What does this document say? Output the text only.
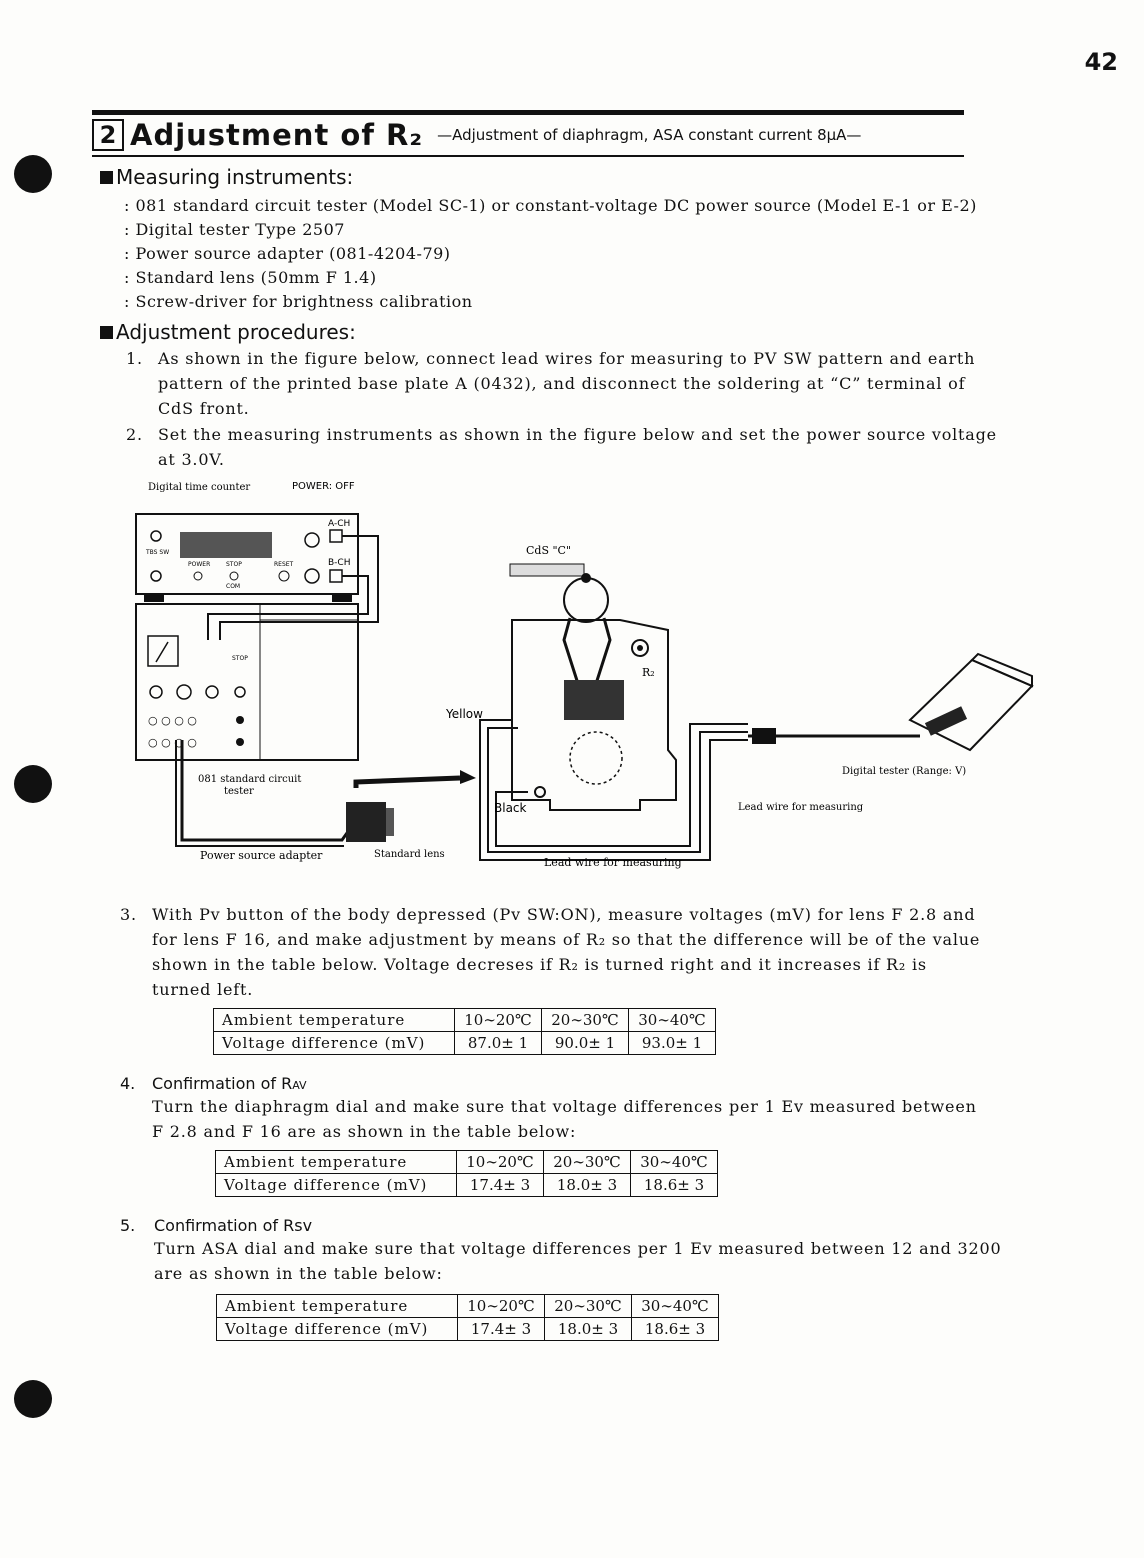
42
2 Adjustment of R₂ —Adjustment of diaphragm, ASA constant current 8μA—
Measuring instruments:
: 081 standard circuit tester (Model SC-1) or constant-voltage DC power source (Model E-1 or E-2)
: Digital tester Type 2507
: Power source adapter (081-4204-79)
: Standard lens (50mm F 1.4)
: Screw-driver for brightness calibration
Adjustment procedures:
1. As shown in the figure below, connect lead wires for measuring to PV SW pattern and earth
pattern of the printed base plate A (0432), and disconnect the soldering at “C” terminal of
CdS front.
2. Set the measuring instruments as shown in the figure below and set the power source voltage
at 3.0V.
A-CH
B-CH
TBS SW
POWER	STOP	RESET
COM
○ ○ ○ ○
○ ○ ○ ○
STOP
CdS "C"
R₂
Yellow
Black
081 standard circuit
tester
Digital tester (Range: V)
Lead wire for measuring
Lead wire for measuring
Power source adapter	Standard lens
Digital time counter	POWER: OFF
3. With Pv button of the body depressed (Pv SW:ON), measure voltages (mV) for lens F 2.8 and
for lens F 16, and make adjustment by means of R₂ so that the difference will be of the value
shown in the table below. Voltage decreses if R₂ is turned right and it increases if R₂ is
turned left.
Ambient temperature	10∼20℃	20∼30℃	30∼40℃
Voltage difference (mV)	87.0± 1	90.0± 1	93.0± 1
4. Confirmation of RAV
Turn the diaphragm dial and make sure that voltage differences per 1 Ev measured between
F 2.8 and F 16 are as shown in the table below:
Ambient temperature	10∼20℃	20∼30℃	30∼40℃
Voltage difference (mV)	17.4± 3	18.0± 3	18.6± 3
5. Confirmation of Rsv
Turn ASA dial and make sure that voltage differences per 1 Ev measured between 12 and 3200
are as shown in the table below:
Ambient temperature	10∼20℃	20∼30℃	30∼40℃
Voltage difference (mV)	17.4± 3	18.0± 3	18.6± 3
